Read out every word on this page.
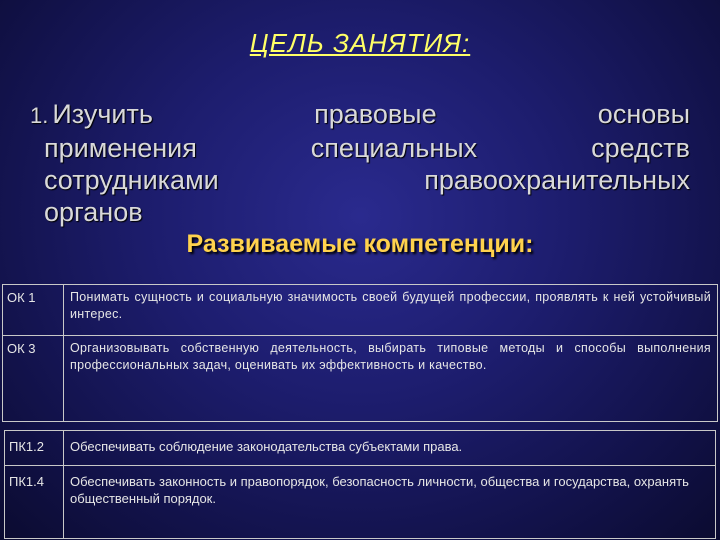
ЦЕЛЬ ЗАНЯТИЯ:
1. Изучить	правовые	основы
применения	специальных	средств
сотрудниками	правоохранительных
органов
Развиваемые компетенции:
ОК 1	Понимать сущность и социальную значимость своей будущей профессии, проявлять к ней устойчивый интерес.
ОК 3	Организовывать собственную деятельность, выбирать типовые методы и способы выполнения профессиональных задач, оценивать их эффективность и качество.
ПК1.2	Обеспечивать соблюдение законодательства субъектами права.
ПК1.4	Обеспечивать законность и правопорядок, безопасность личности, общества и государства, охранять общественный порядок.
